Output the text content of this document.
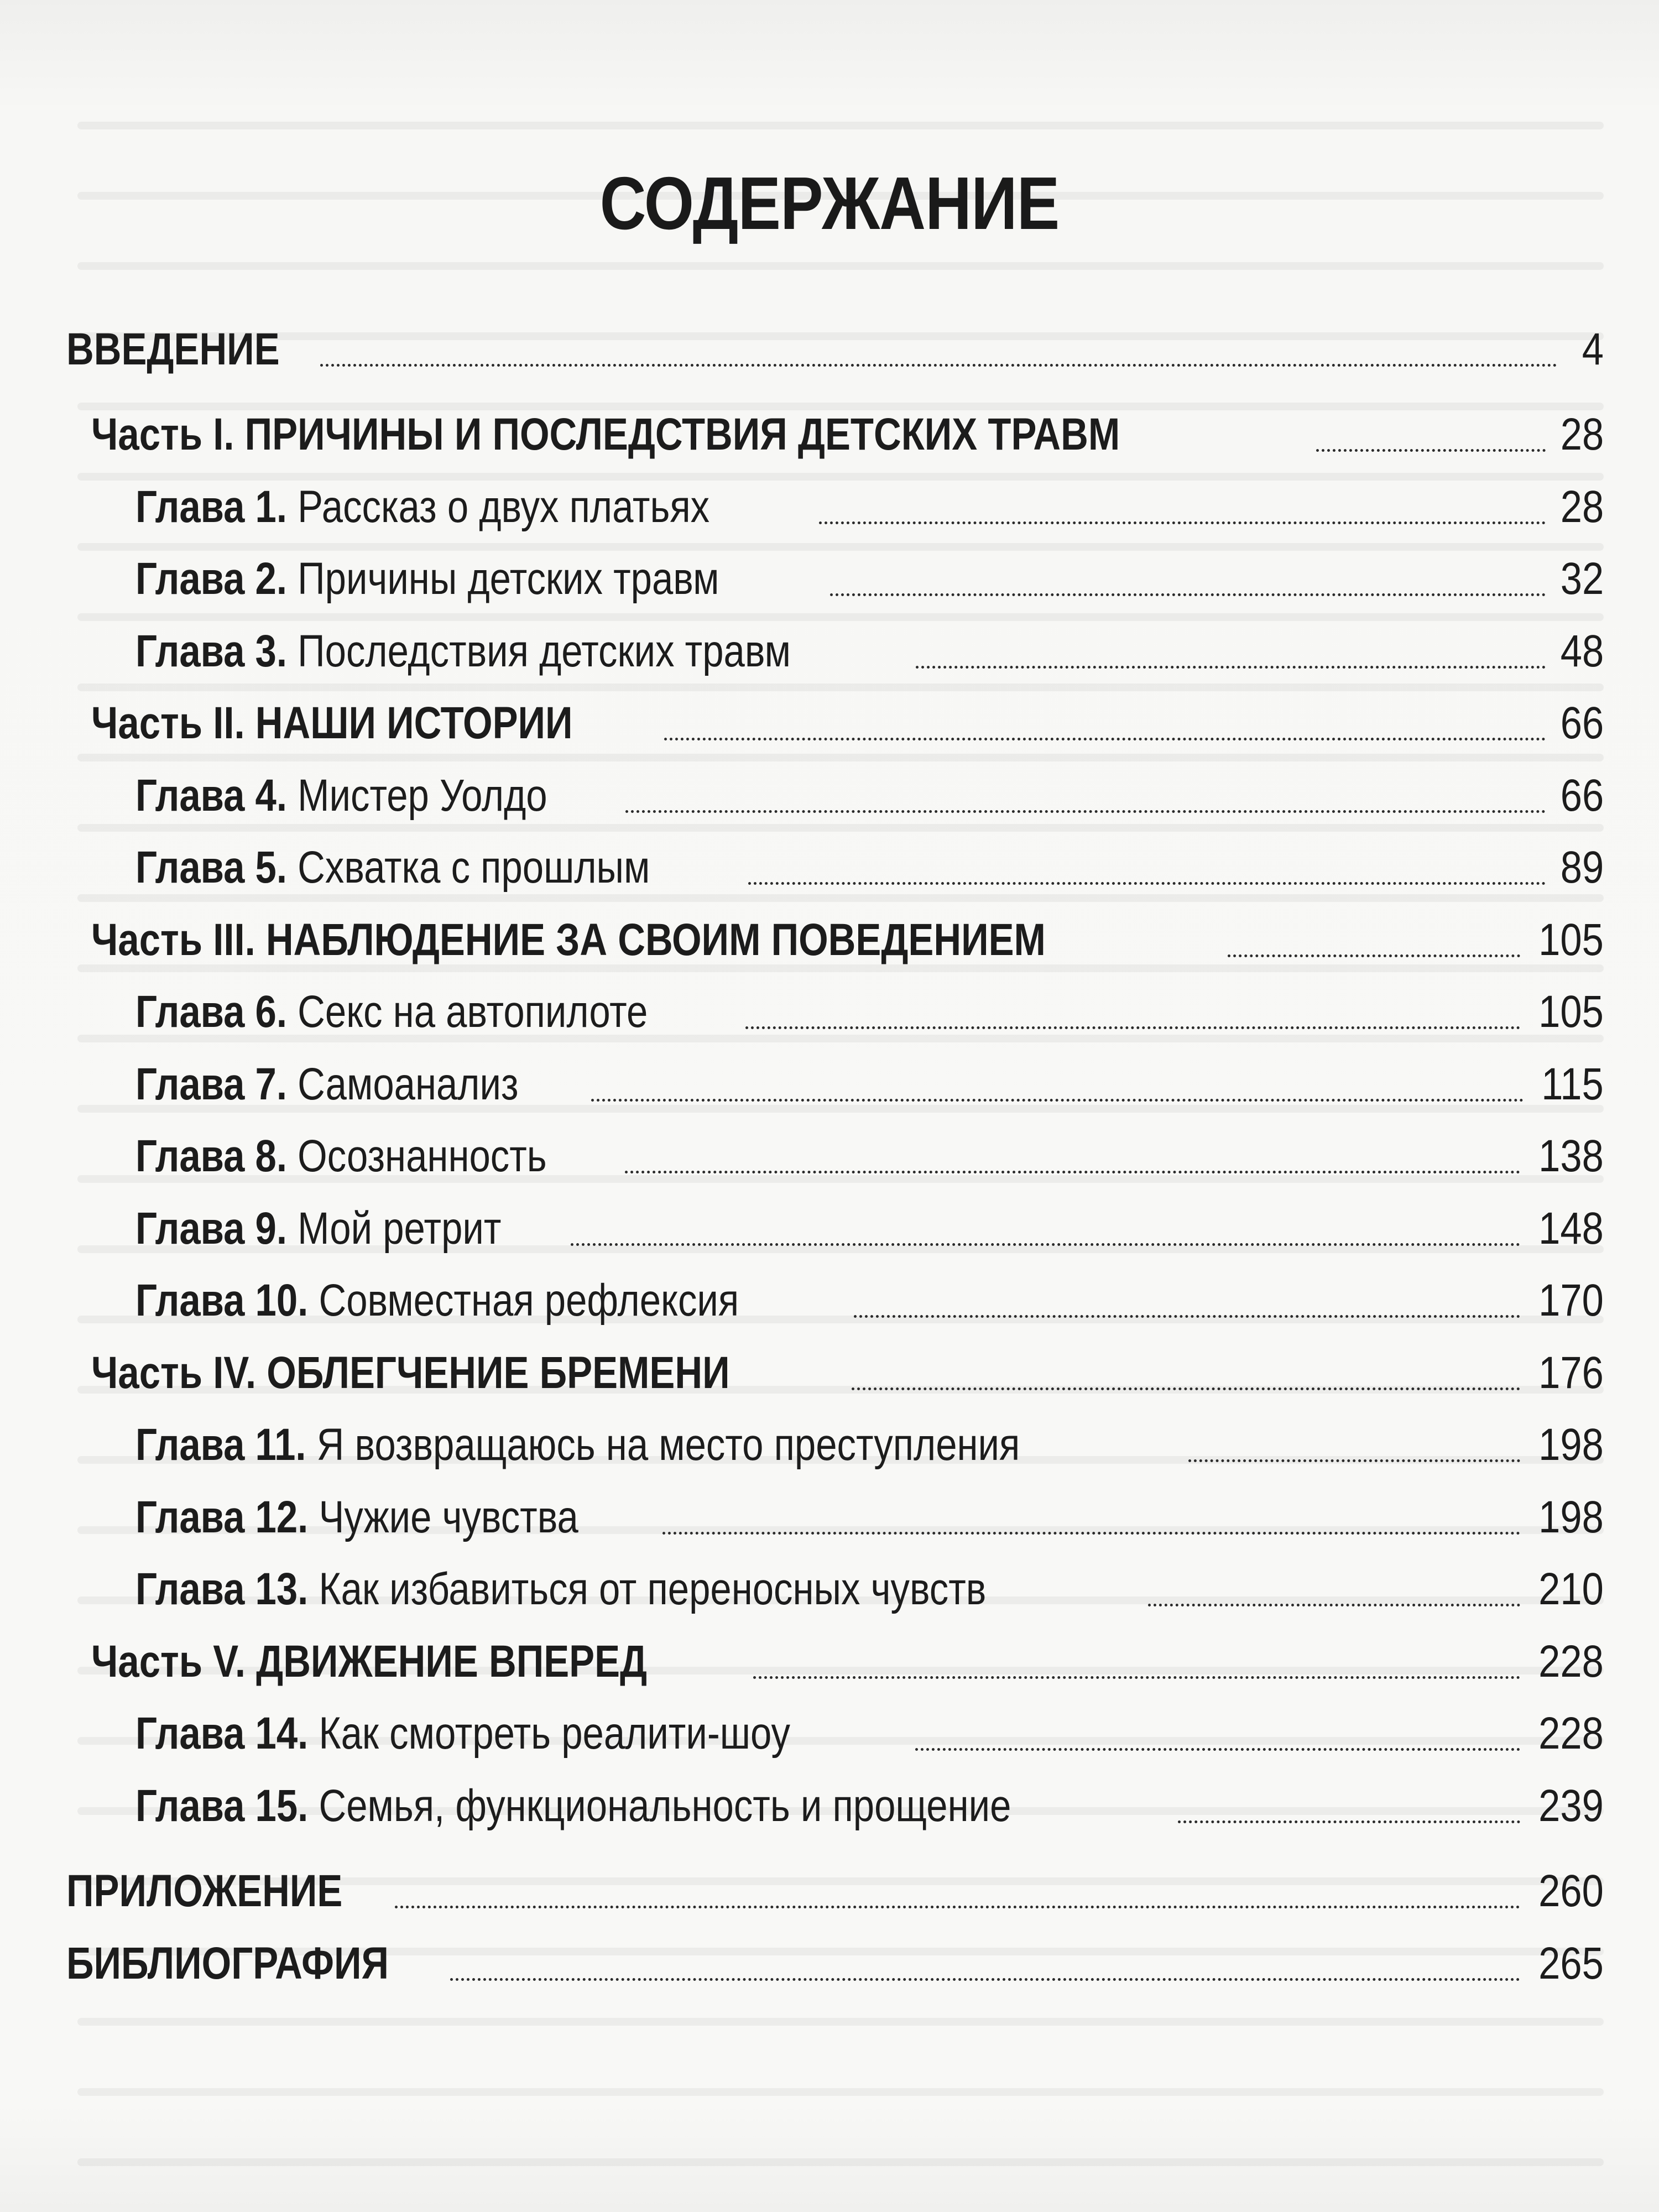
СОДЕРЖАНИЕ
ВВЕДЕНИЕ	4
Часть I. ПРИЧИНЫ И ПОСЛЕДСТВИЯ ДЕТСКИХ ТРАВМ	28
Глава 1. Рассказ о двух платьях	28
Глава 2. Причины детских травм	32
Глава 3. Последствия детских травм	48
Часть II. НАШИ ИСТОРИИ	66
Глава 4. Мистер Уолдо	66
Глава 5. Схватка с прошлым	89
Часть III. НАБЛЮДЕНИЕ ЗА СВОИМ ПОВЕДЕНИЕМ	105
Глава 6. Секс на автопилоте	105
Глава 7. Самоанализ	115
Глава 8. Осознанность	138
Глава 9. Мой ретрит	148
Глава 10. Совместная рефлексия	170
Часть IV. ОБЛЕГЧЕНИЕ БРЕМЕНИ	176
Глава 11. Я возвращаюсь на место преступления	198
Глава 12. Чужие чувства	198
Глава 13. Как избавиться от переносных чувств	210
Часть V. ДВИЖЕНИЕ ВПЕРЕД	228
Глава 14. Как смотреть реалити-шоу	228
Глава 15. Семья, функциональность и прощение	239
ПРИЛОЖЕНИЕ	260
БИБЛИОГРАФИЯ	265
